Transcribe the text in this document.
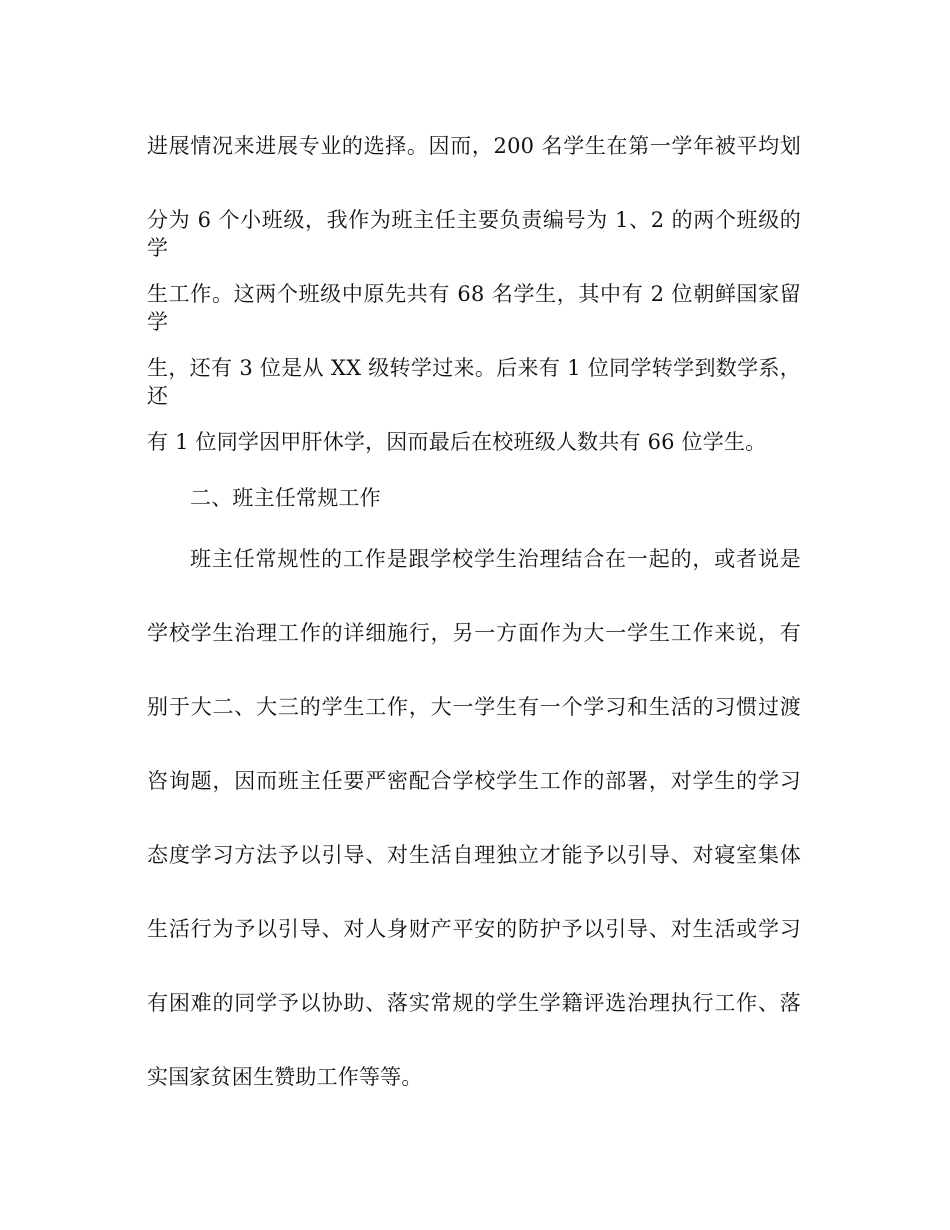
进展情况来进展专业的选择。因而，200 名学生在第一学年被平均划
分为 6 个小班级，我作为班主任主要负责编号为 1、2 的两个班级的学
生工作。这两个班级中原先共有 68 名学生，其中有 2 位朝鲜国家留学
生，还有 3 位是从 XX 级转学过来。后来有 1 位同学转学到数学系，还
有 1 位同学因甲肝休学，因而最后在校班级人数共有 66 位学生。
二、班主任常规工作
班主任常规性的工作是跟学校学生治理结合在一起的，或者说是
学校学生治理工作的详细施行，另一方面作为大一学生工作来说，有
别于大二、大三的学生工作，大一学生有一个学习和生活的习惯过渡
咨询题，因而班主任要严密配合学校学生工作的部署，对学生的学习
态度学习方法予以引导、对生活自理独立才能予以引导、对寝室集体
生活行为予以引导、对人身财产平安的防护予以引导、对生活或学习
有困难的同学予以协助、落实常规的学生学籍评选治理执行工作、落
实国家贫困生赞助工作等等。
